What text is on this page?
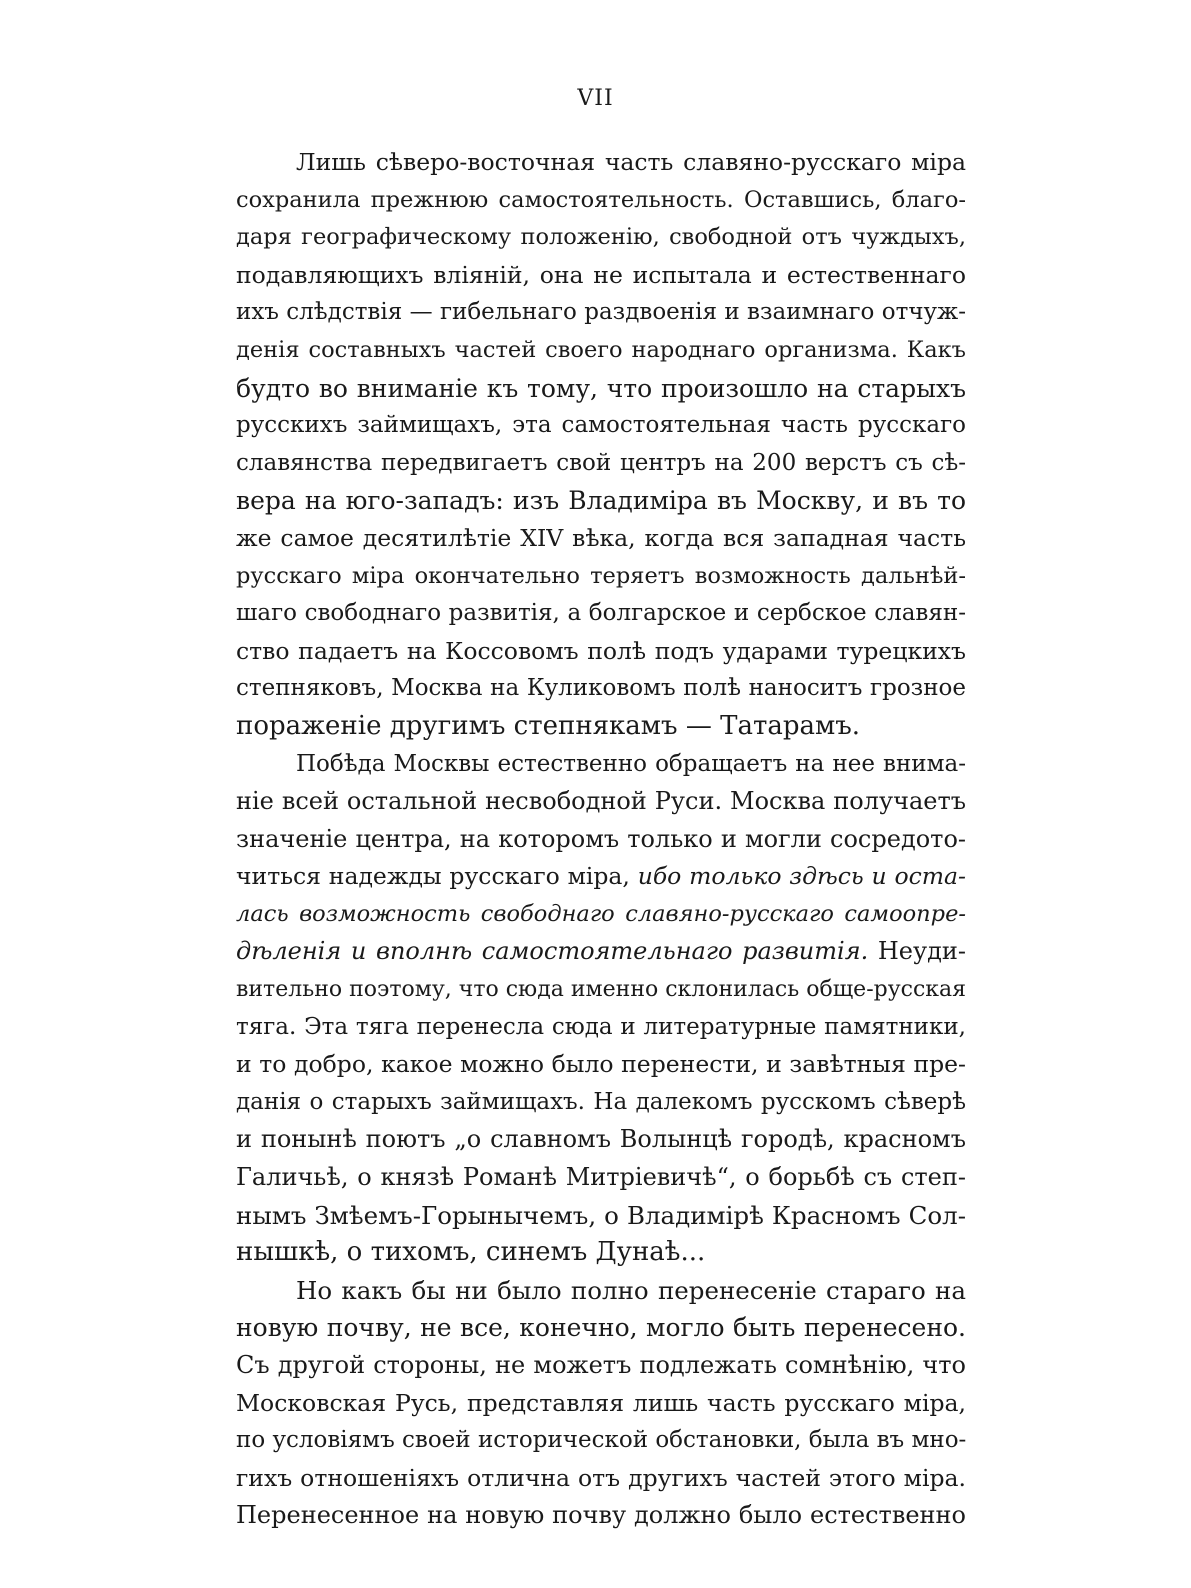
VII
Лишь сѣверо-восточная часть славяно-русскаго міра
сохранила прежнюю самостоятельность. Оставшись, благо-
даря географическому положенію, свободной отъ чуждыхъ,
подавляющихъ вліяній, она не испытала и естественнаго
ихъ слѣдствія — гибельнаго раздвоенія и взаимнаго отчуж-
денія составныхъ частей своего народнаго организма. Какъ
будто во вниманіе къ тому, что произошло на старыхъ
русскихъ займищахъ, эта самостоятельная часть русскаго
славянства передвигаетъ свой центръ на 200 верстъ съ сѣ-
вера на юго-западъ: изъ Владиміра въ Москву, и въ то
же самое десятилѣтіе XIV вѣка, когда вся западная часть
русскаго міра окончательно теряетъ возможность дальнѣй-
шаго свободнаго развитія, а болгарское и сербское славян-
ство падаетъ на Коссовомъ полѣ подъ ударами турецкихъ
степняковъ, Москва на Куликовомъ полѣ наноситъ грозное
пораженіе другимъ степнякамъ — Татарамъ.
Побѣда Москвы естественно обращаетъ на нее внима-
ніе всей остальной несвободной Руси. Москва получаетъ
значеніе центра, на которомъ только и могли сосредото-
читься надежды русскаго міра, ибо только здѣсь и оста-
лась возможность свободнаго славяно-русскаго самоопре-
дѣленія и вполнѣ самостоятельнаго развитія. Неуди-
вительно поэтому, что сюда именно склонилась обще-русская
тяга. Эта тяга перенесла сюда и литературные памятники,
и то добро, какое можно было перенести, и завѣтныя пре-
данія о старыхъ займищахъ. На далекомъ русскомъ сѣверѣ
и понынѣ поютъ „о славномъ Волынцѣ городѣ, красномъ
Галичьѣ, о князѣ Романѣ Митріевичѣ“, о борьбѣ съ степ-
нымъ Змѣемъ-Горынычемъ, о Владимірѣ Красномъ Сол-
нышкѣ, о тихомъ, синемъ Дунаѣ...
Но какъ бы ни было полно перенесеніе стараго на
новую почву, не все, конечно, могло быть перенесено.
Съ другой стороны, не можетъ подлежать сомнѣнію, что
Московская Русь, представляя лишь часть русскаго міра,
по условіямъ своей исторической обстановки, была въ мно-
гихъ отношеніяхъ отлична отъ другихъ частей этого міра.
Перенесенное на новую почву должно было естественно
